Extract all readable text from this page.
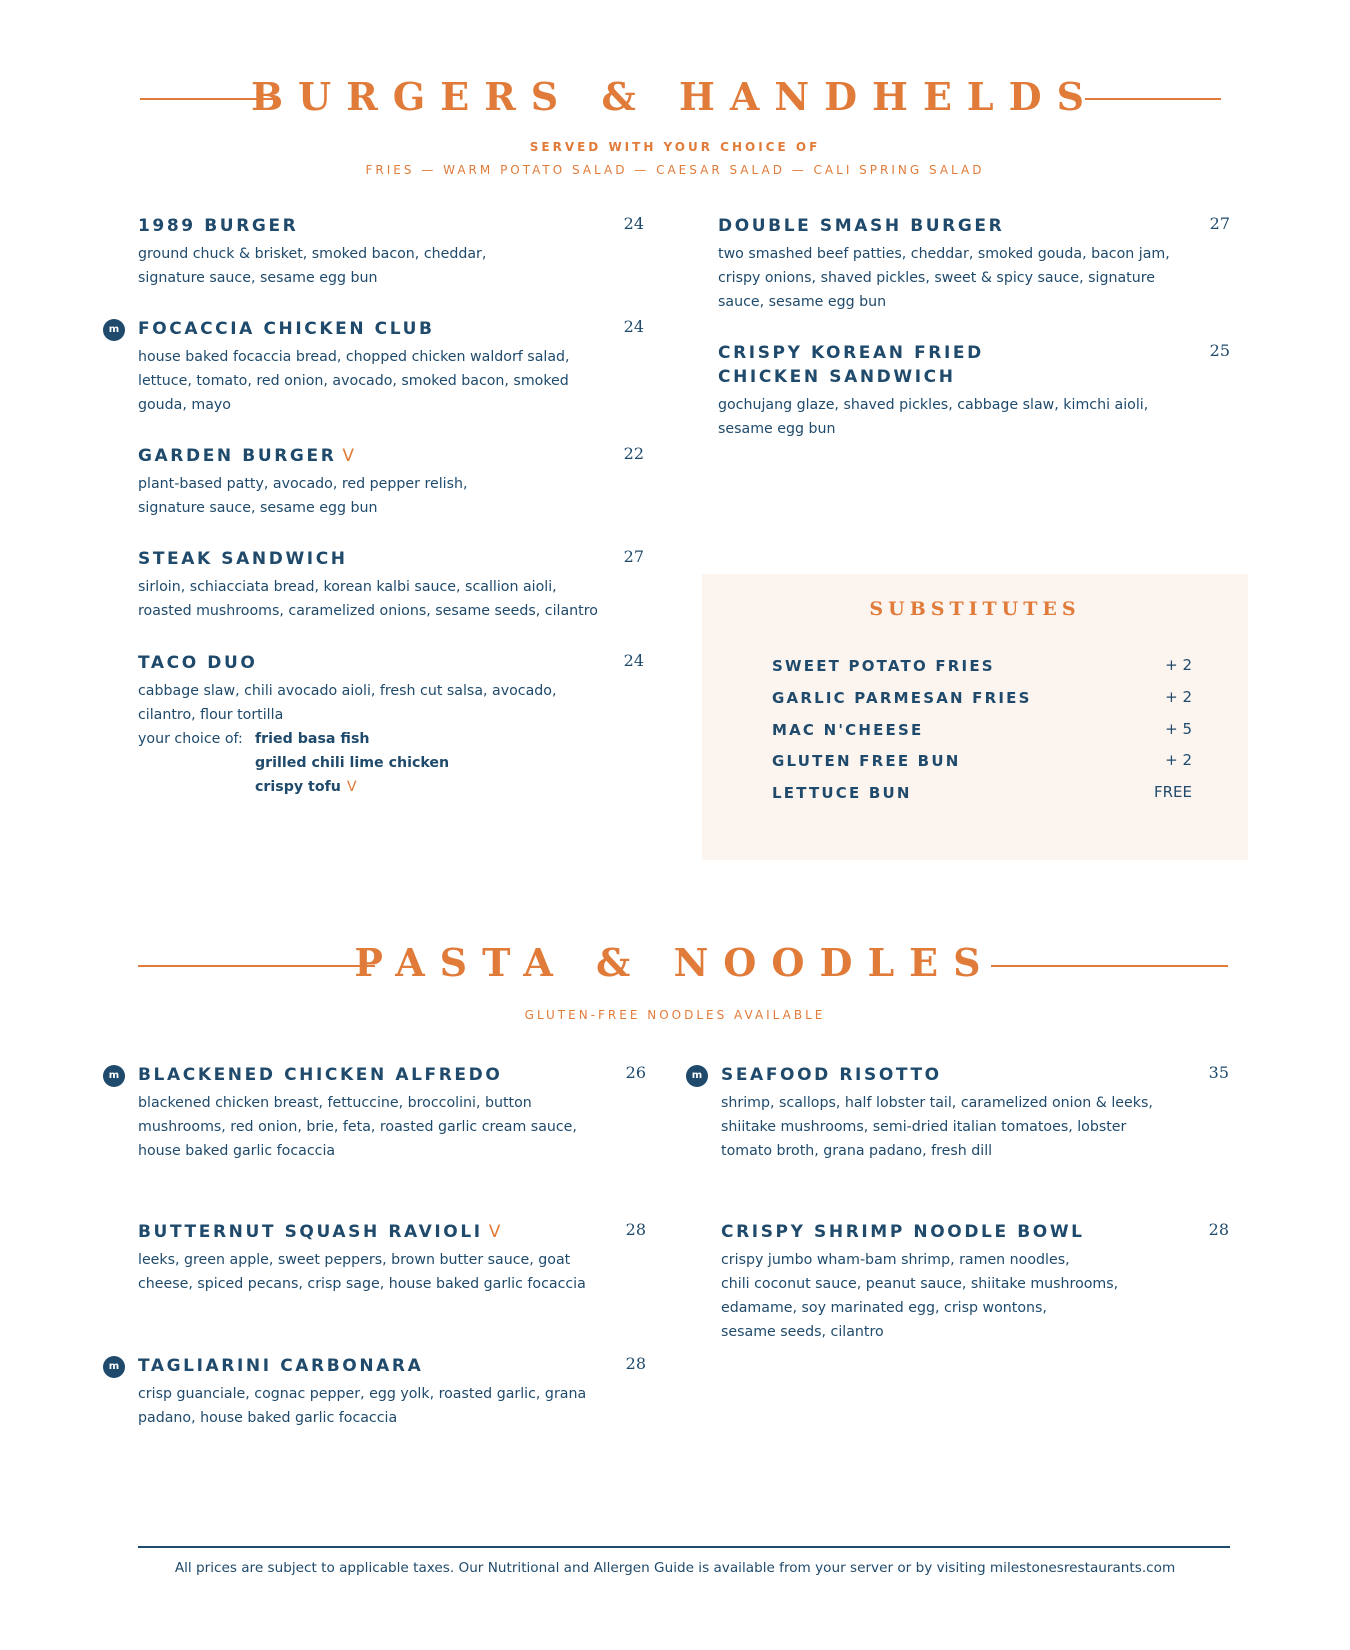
BURGERS & HANDHELDS
SERVED WITH YOUR CHOICE OF
FRIES — WARM POTATO SALAD — CAESAR SALAD — CALI SPRING SALAD
1989 BURGER	24
ground chuck & brisket, smoked bacon, cheddar,
signature sauce, sesame egg bun
m	FOCACCIA CHICKEN CLUB	24
house baked focaccia bread, chopped chicken waldorf salad,
lettuce, tomato, red onion, avocado, smoked bacon, smoked
gouda, mayo
GARDEN BURGER V	22
plant-based patty, avocado, red pepper relish,
signature sauce, sesame egg bun
STEAK SANDWICH	27
sirloin, schiacciata bread, korean kalbi sauce, scallion aioli,
roasted mushrooms, caramelized onions, sesame seeds, cilantro
TACO DUO	24
cabbage slaw, chili avocado aioli, fresh cut salsa, avocado,
cilantro, flour tortilla
your choice of: fried basa fish
grilled chili lime chicken
crispy tofu V
DOUBLE SMASH BURGER	27
two smashed beef patties, cheddar, smoked gouda, bacon jam,
crispy onions, shaved pickles, sweet & spicy sauce, signature
sauce, sesame egg bun
CRISPY KOREAN FRIED
CHICKEN SANDWICH
25
gochujang glaze, shaved pickles, cabbage slaw, kimchi aioli,
sesame egg bun
SUBSTITUTES
SWEET POTATO FRIES	+ 2
GARLIC PARMESAN FRIES	+ 2
MAC N'CHEESE	+ 5
GLUTEN FREE BUN	+ 2
LETTUCE BUN	FREE
PASTA & NOODLES
GLUTEN-FREE NOODLES AVAILABLE
m	BLACKENED CHICKEN ALFREDO	26
blackened chicken breast, fettuccine, broccolini, button
mushrooms, red onion, brie, feta, roasted garlic cream sauce,
house baked garlic focaccia
BUTTERNUT SQUASH RAVIOLI V	28
leeks, green apple, sweet peppers, brown butter sauce, goat
cheese, spiced pecans, crisp sage, house baked garlic focaccia
m	TAGLIARINI CARBONARA	28
crisp guanciale, cognac pepper, egg yolk, roasted garlic, grana
padano, house baked garlic focaccia
m	SEAFOOD RISOTTO	35
shrimp, scallops, half lobster tail, caramelized onion & leeks,
shiitake mushrooms, semi-dried italian tomatoes, lobster
tomato broth, grana padano, fresh dill
CRISPY SHRIMP NOODLE BOWL	28
crispy jumbo wham-bam shrimp, ramen noodles,
chili coconut sauce, peanut sauce, shiitake mushrooms,
edamame, soy marinated egg, crisp wontons,
sesame seeds, cilantro
All prices are subject to applicable taxes. Our Nutritional and Allergen Guide is available from your server or by visiting milestonesrestaurants.com
